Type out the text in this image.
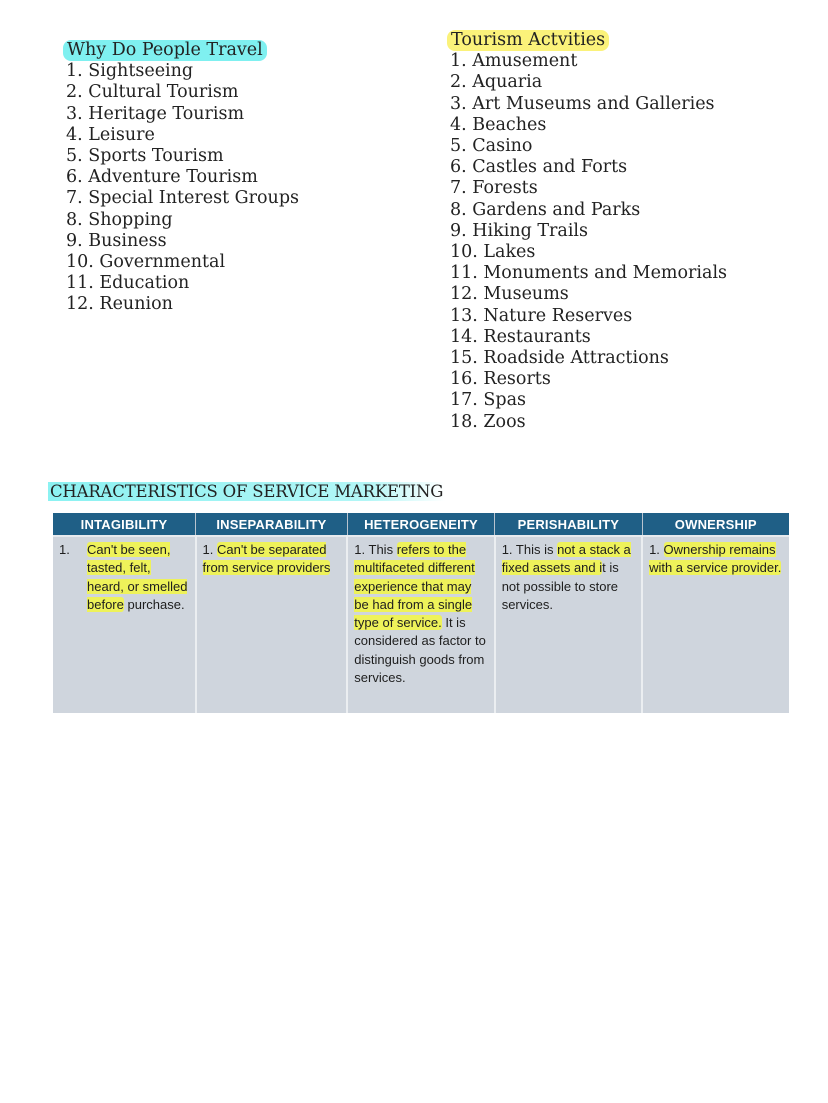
Why Do People Travel
1. Sightseeing
2. Cultural Tourism
3. Heritage Tourism
4. Leisure
5. Sports Tourism
6. Adventure Tourism
7. Special Interest Groups
8. Shopping
9. Business
10. Governmental
11. Education
12. Reunion
Tourism Actvities
1. Amusement
2. Aquaria
3. Art Museums and Galleries
4. Beaches
5. Casino
6. Castles and Forts
7. Forests
8. Gardens and Parks
9. Hiking Trails
10. Lakes
11. Monuments and Memorials
12. Museums
13. Nature Reserves
14. Restaurants
15. Roadside Attractions
16. Resorts
17. Spas
18. Zoos
CHARACTERISTICS OF SERVICE MARKETING
INTAGIBILITY	INSEPARABILITY	HETEROGENEITY	PERISHABILITY	OWNERSHIP

1. Can't be seen, tasted, felt, heard, or smelled before purchase.	1. Can't be separated from service providers	1. This refers to the multifaceted different experience that may be had from a single type of service. It is considered as factor to distinguish goods from services.	1. This is not a stack a fixed assets and it is not possible to store services.	1. Ownership remains with a service provider.
